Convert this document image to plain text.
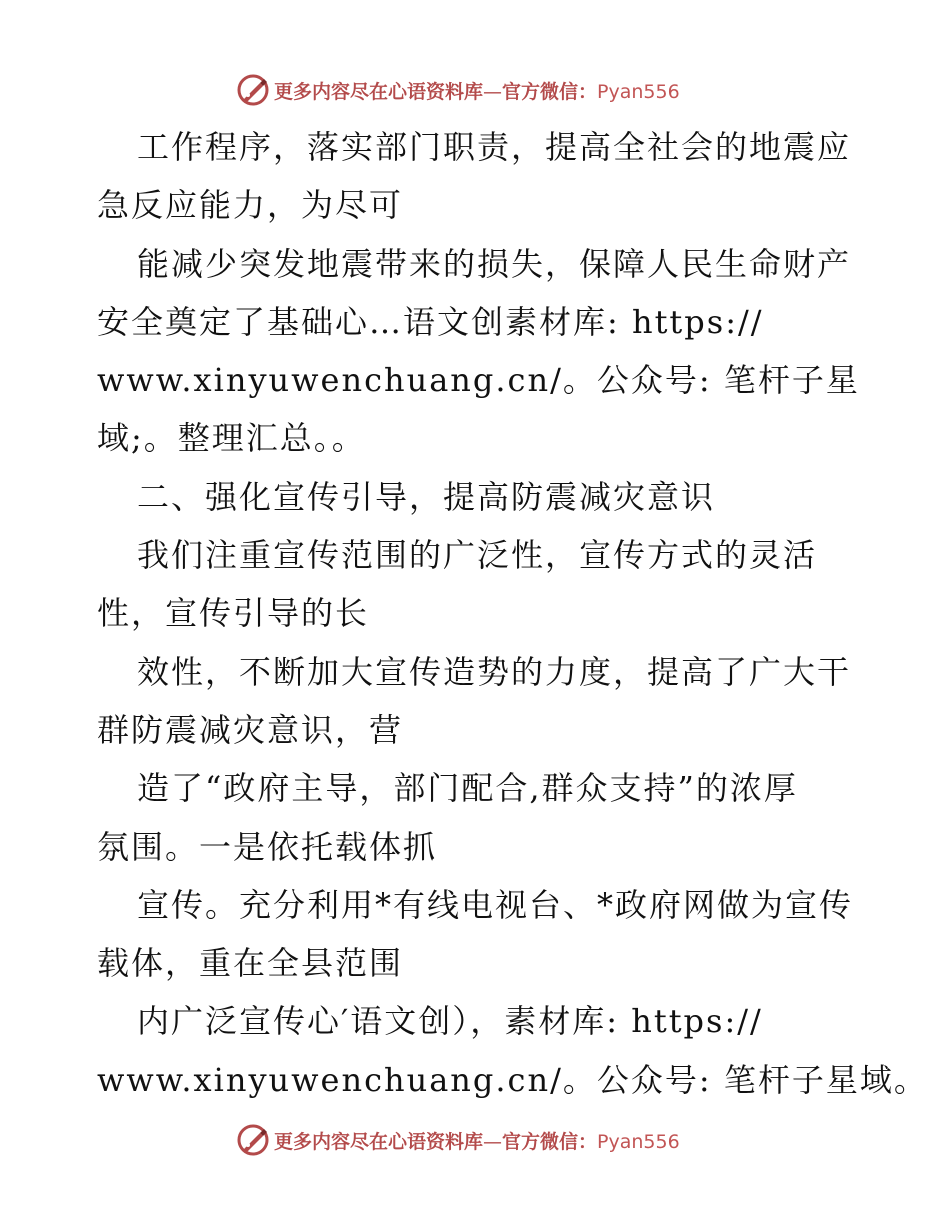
更多内容尽在心语资料库—官方微信：Pyan556
工作程序，落实部门职责，提高全社会的地震应
急反应能力，为尽可
能减少突发地震带来的损失，保障人民生命财产
安全奠定了基础心…语文创素材库: https://
www.xinyuwenchuang.cn/。公众号: 笔杆子星
域;。整理汇总。。
二、强化宣传引导，提高防震减灾意识
我们注重宣传范围的广泛性，宣传方式的灵活
性，宣传引导的长
效性，不断加大宣传造势的力度，提高了广大干
群防震减灾意识，营
造了“政府主导，部门配合,群众支持”的浓厚
氛围。一是依托载体抓
宣传。充分利用*有线电视台、*政府网做为宣传
载体，重在全县范围
内广泛宣传心′语文创），素材库: https://
www.xinyuwenchuang.cn/。公众号: 笔杆子星域。
更多内容尽在心语资料库—官方微信：Pyan556
